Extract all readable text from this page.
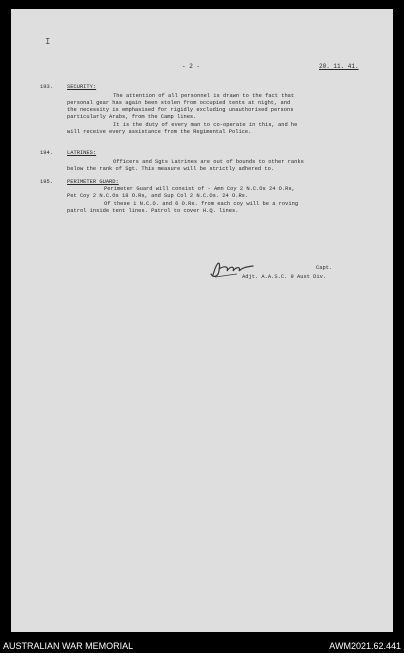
I
- 2 -	20. 11. 41.
193.	SECURITY:
The attention of all personnel is drawn to the fact that
personal gear has again been stolen from occupied tents at night, and
the necessity is emphasised for rigidly excluding unauthorised persons
particularly Arabs, from the Camp lines.
It is the duty of every man to co-operate in this, and he
will receive every assistance from the Regimental Police.
194.	LATRINES:
Officers and Sgts Latrines are out of bounds to other ranks
below the rank of Sgt. This measure will be strictly adhered to.
195.	PERIMETER GUARD:
Perimeter Guard will consist of - Amn Coy 2 N.C.Os 24 O.Rs,
Pet Coy 2 N.C.Os 18 O.Rs, and Sup Col 2 N.C.Os. 24 O.Rs.
Of these 1 N.C.O. and 6 O.Rs. from each coy will be a roving
patrol inside tent lines. Patrol to cover H.Q. lines.
Capt.
Adjt. A.A.S.C. 9 Aust Div.
AUSTRALIAN WAR MEMORIAL	AWM2021.62.441
